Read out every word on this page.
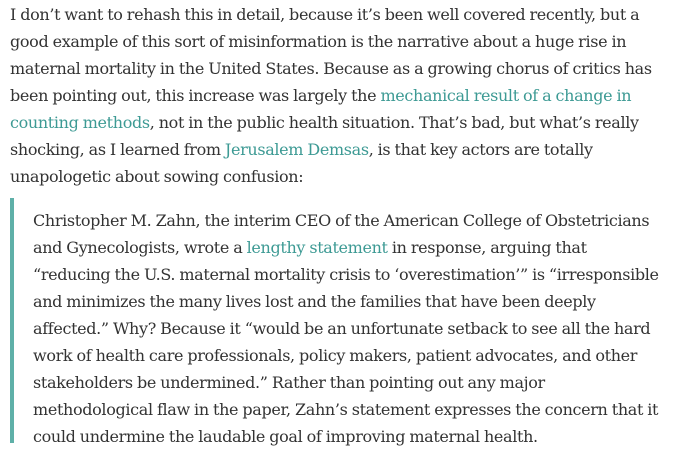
I don’t want to rehash this in detail, because it’s been well covered recently, but a good example of this sort of misinformation is the narrative about a huge rise in maternal mortality in the United States. Because as a growing chorus of critics has been pointing out, this increase was largely the mechanical result of a change in counting methods, not in the public health situation. That’s bad, but what’s really shocking, as I learned from Jerusalem Demsas, is that key actors are totally unapologetic about sowing confusion:

Christopher M. Zahn, the interim CEO of the American College of Obstetricians and Gynecologists, wrote a lengthy statement in response, arguing that “reducing the U.S. maternal mortality crisis to ‘overestimation’” is “irresponsible and minimizes the many lives lost and the families that have been deeply affected.” Why? Because it “would be an unfortunate setback to see all the hard work of health care professionals, policy makers, patient advocates, and other stakeholders be undermined.” Rather than pointing out any major methodological flaw in the paper, Zahn’s statement expresses the concern that it could undermine the laudable goal of improving maternal health.
